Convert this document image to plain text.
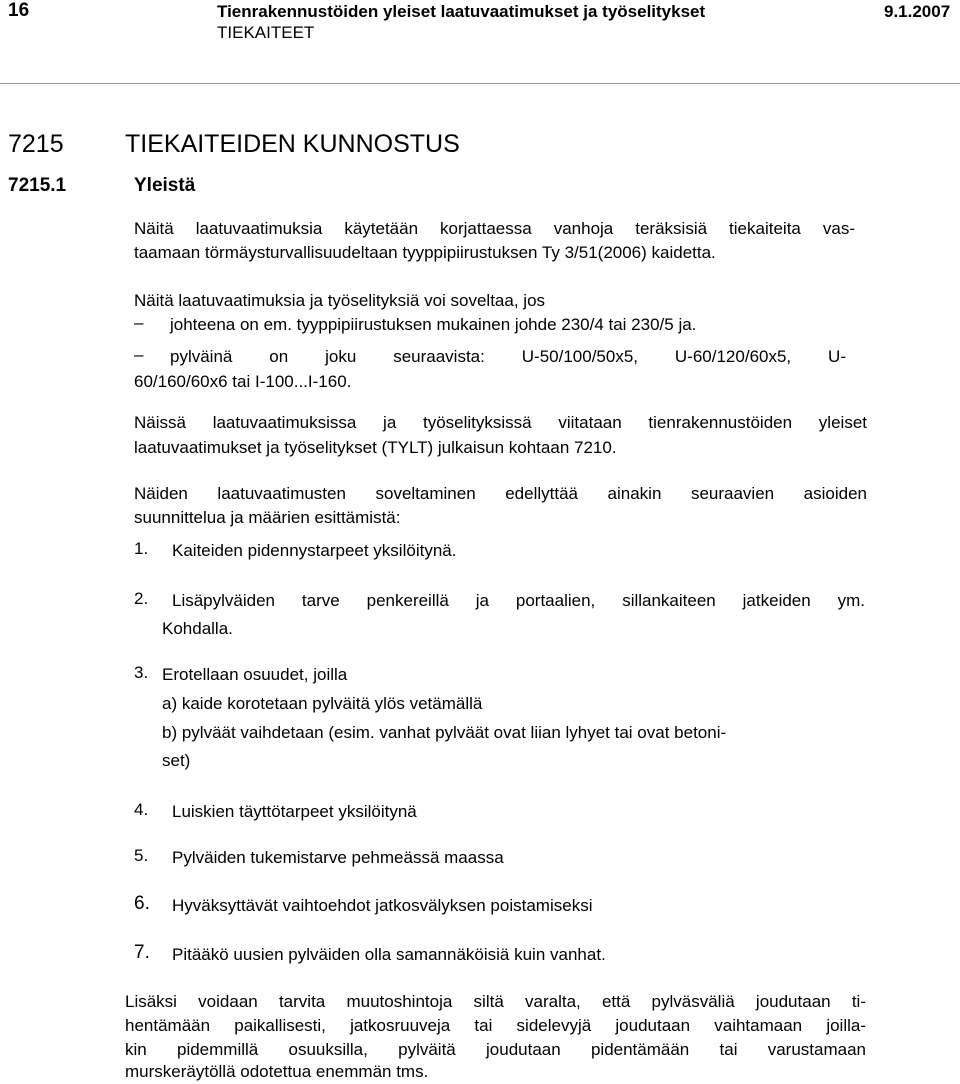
16	Tienrakennustöiden yleiset laatuvaatimukset ja työselitykset	9.1.2007
TIEKAITEET
7215 TIEKAITEIDEN KUNNOSTUS
7215.1	Yleistä
Näitä laatuvaatimuksia käytetään korjattaessa vanhoja teräksisiä tiekaiteita vas-
taamaan törmäysturvallisuudeltaan tyyppipiirustuksen Ty 3/51(2006) kaidetta.
Näitä laatuvaatimuksia ja työselityksiä voi soveltaa, jos
– johteena on em. tyyppipiirustuksen mukainen johde 230/4 tai 230/5 ja.
– pylväinä on joku seuraavista: U-50/100/50x5, U-60/120/60x5, U-
60/160/60x6 tai I-100...I-160.
Näissä laatuvaatimuksissa ja työselityksissä viitataan tienrakennustöiden yleiset
laatuvaatimukset ja työselitykset (TYLT) julkaisun kohtaan 7210.
Näiden laatuvaatimusten soveltaminen edellyttää ainakin seuraavien asioiden
suunnittelua ja määrien esittämistä:
1. Kaiteiden pidennystarpeet yksilöitynä.
2. Lisäpylväiden tarve penkereillä ja portaalien, sillankaiteen jatkeiden ym.
Kohdalla.
3. Erotellaan osuudet, joilla
a) kaide korotetaan pylväitä ylös vetämällä
b) pylväät vaihdetaan (esim. vanhat pylväät ovat liian lyhyet tai ovat betoni-
set)
4. Luiskien täyttötarpeet yksilöitynä
5. Pylväiden tukemistarve pehmeässä maassa
6. Hyväksyttävät vaihtoehdot jatkosvälyksen poistamiseksi
7. Pitääkö uusien pylväiden olla samannäköisiä kuin vanhat.
Lisäksi voidaan tarvita muutoshintoja siltä varalta, että pylväsväliä joudutaan ti-
hentämään paikallisesti, jatkosruuveja tai sidelevyjä joudutaan vaihtamaan joilla-
kin pidemmillä osuuksilla, pylväitä joudutaan pidentämään tai varustamaan
murskeräytöllä odotettua enemmän tms.
